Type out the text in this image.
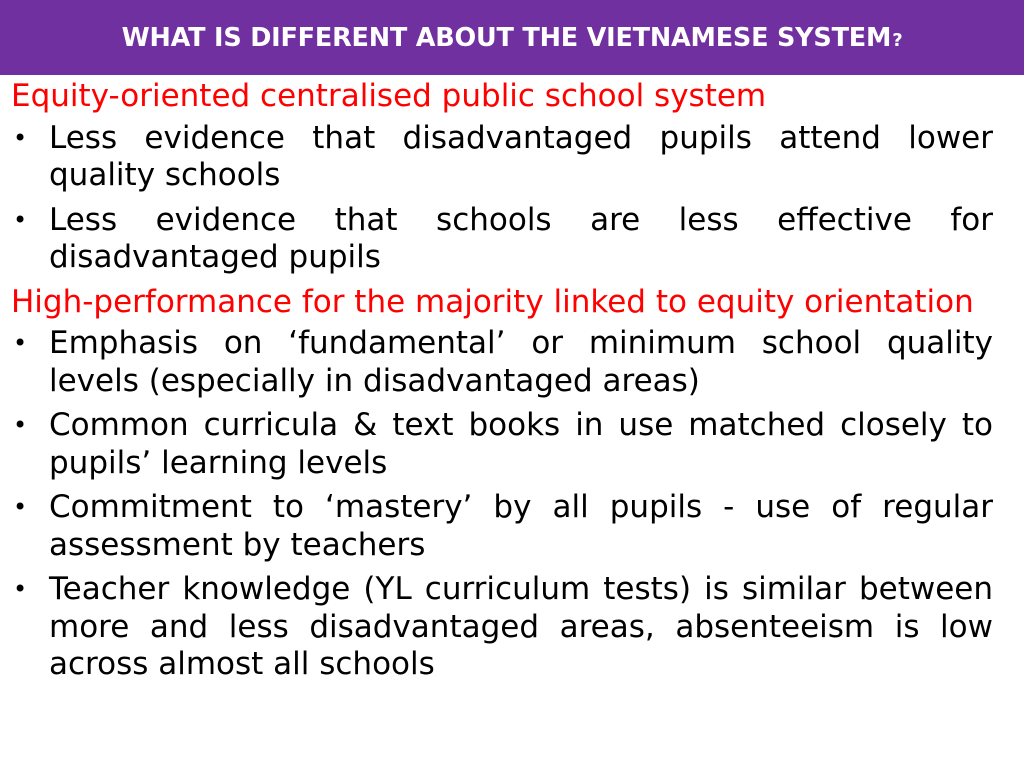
WHAT IS DIFFERENT ABOUT THE VIETNAMESE SYSTEM ?
Equity-oriented centralised public school system
• Less evidence that disadvantaged pupils attend lower quality schools
• Less evidence that schools are less effective for disadvantaged pupils
High-performance for the majority linked to equity orientation
• Emphasis on ‘fundamental’ or minimum school quality levels (especially in disadvantaged areas)
• Common curricula & text books in use matched closely to pupils’ learning levels
• Commitment to ‘mastery’ by all pupils - use of regular assessment by teachers
• Teacher knowledge (YL curriculum tests) is similar between more and less disadvantaged areas, absenteeism is low across almost all schools
